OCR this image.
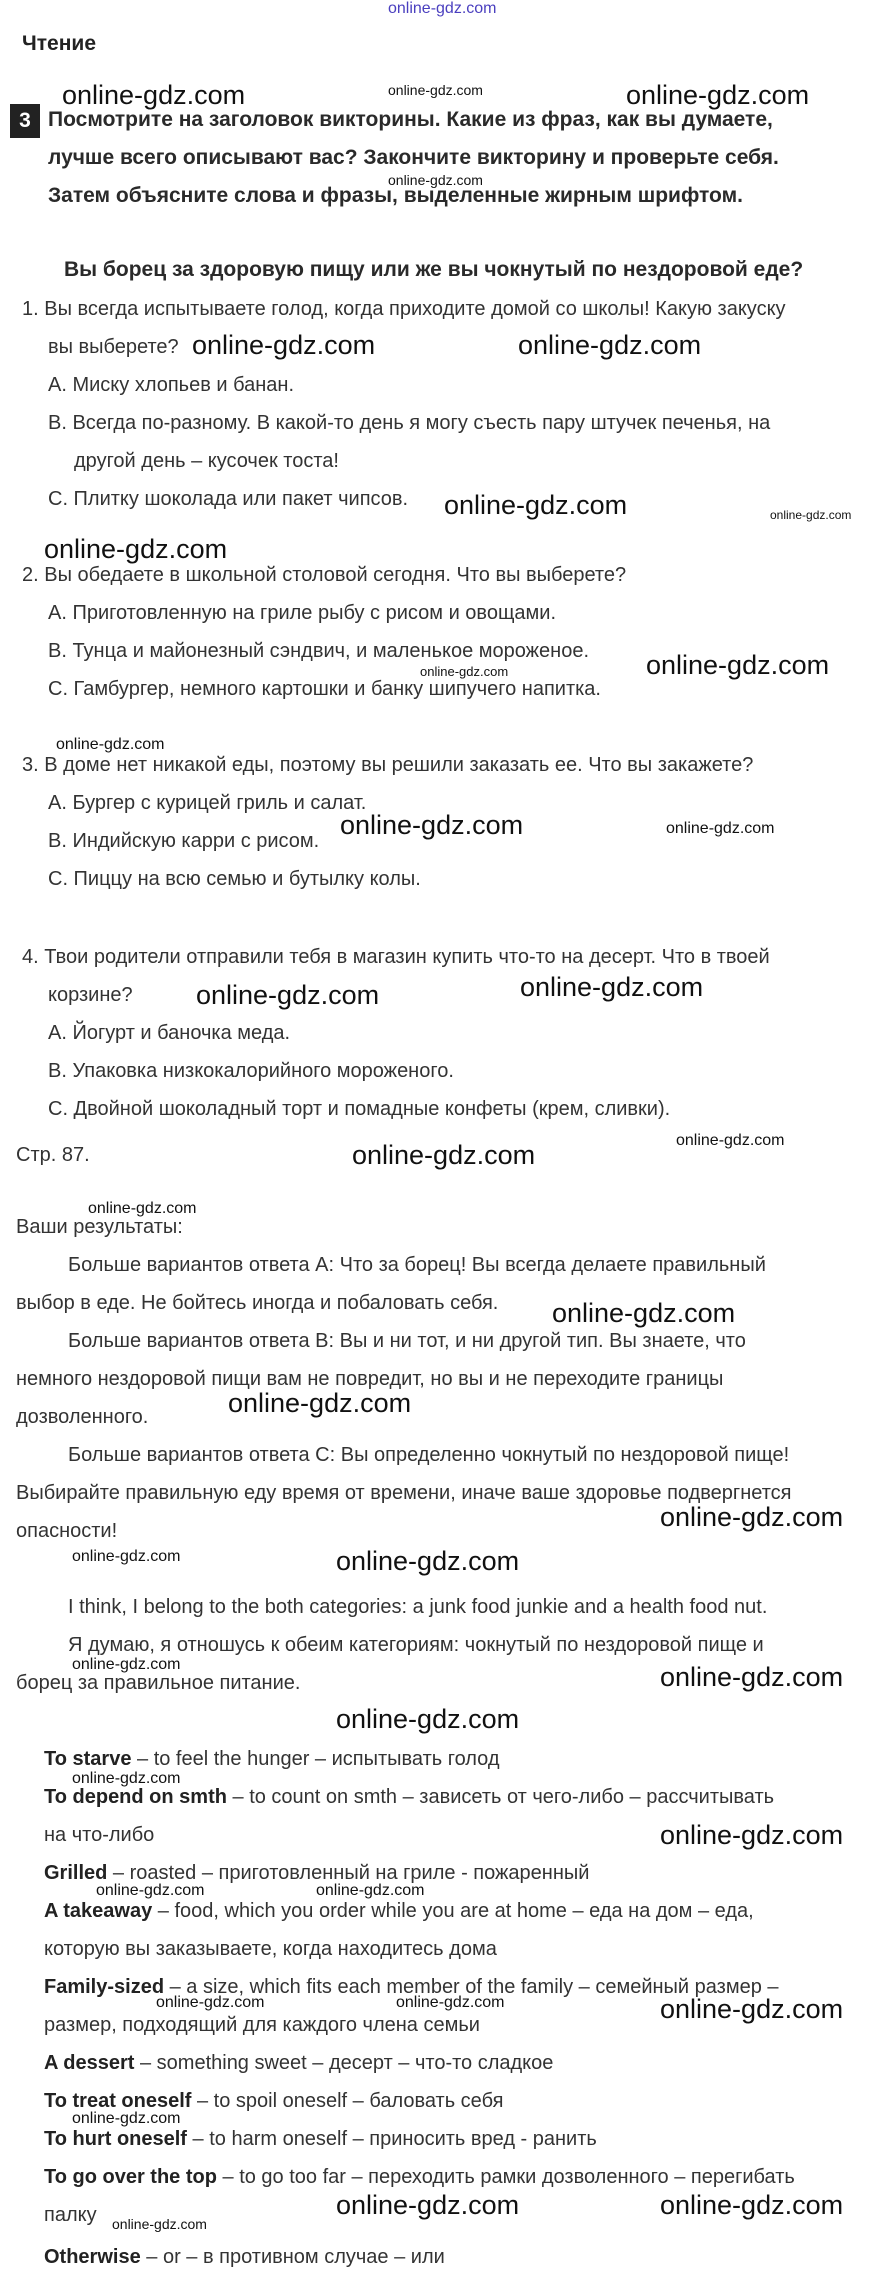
online-gdz.com
Чтение
online-gdz.com	online-gdz.com	online-gdz.com
3 Посмотрите на заголовок викторины. Какие из фраз, как вы думаете,
лучше всего описывают вас? Закончите викторину и проверьте себя.
online-gdz.com
Затем объясните слова и фразы, выделенные жирным шрифтом.
Вы борец за здоровую пищу или же вы чокнутый по нездоровой еде?
1. Вы всегда испытываете голод, когда приходите домой со школы! Какую закуску
вы выберете? online-gdz.com	online-gdz.com
A. Миску хлопьев и банан.
B. Всегда по-разному. В какой-то день я могу съесть пару штучек печенья, на
другой день – кусочек тоста!
C. Плитку шоколада или пакет чипсов. online-gdz.com	online-gdz.com
online-gdz.com
2. Вы обедаете в школьной столовой сегодня. Что вы выберете?
A. Приготовленную на гриле рыбу с рисом и овощами.
B. Тунца и майонезный сэндвич, и маленькое мороженое.
online-gdz.com	online-gdz.com
C. Гамбургер, немного картошки и банку шипучего напитка.
online-gdz.com
3. В доме нет никакой еды, поэтому вы решили заказать ее. Что вы закажете?
A. Бургер с курицей гриль и салат.
B. Индийскую карри с рисом.
online-gdz.com	online-gdz.com
C. Пиццу на всю семью и бутылку колы.
4. Твои родители отправили тебя в магазин купить что-то на десерт. Что в твоей
корзине? online-gdz.com	online-gdz.com
A. Йогурт и баночка меда.
B. Упаковка низкокалорийного мороженого.
C. Двойной шоколадный торт и помадные конфеты (крем, сливки).
Стр. 87.	online-gdz.com	online-gdz.com
online-gdz.com
Ваши результаты:
Больше вариантов ответа А: Что за борец! Вы всегда делаете правильный
выбор в еде. Не бойтесь иногда и побаловать себя. online-gdz.com
Больше вариантов ответа В: Вы и ни тот, и ни другой тип. Вы знаете, что
немного нездоровой пищи вам не повредит, но вы и не переходите границы
дозволенного.	online-gdz.com
Больше вариантов ответа С: Вы определенно чокнутый по нездоровой пище!
Выбирайте правильную еду время от времени, иначе ваше здоровье подвергнется
опасности!	online-gdz.com
online-gdz.com	online-gdz.com
I think, I belong to the both categories: a junk food junkie and a health food nut.
Я думаю, я отношусь к обеим категориям: чокнутый по нездоровой пище и
online-gdz.com
борец за правильное питание.	online-gdz.com
online-gdz.com
To starve – to feel the hunger – испытывать голод
online-gdz.com
To depend on smth – to count on smth – зависеть от чего-либо – рассчитывать
на что-либо	online-gdz.com
Grilled – roasted – приготовленный на гриле - пожаренный
online-gdz.com	online-gdz.com
A takeaway – food, which you order while you are at home – еда на дом – еда,
которую вы заказываете, когда находитесь дома
Family-sized – a size, which fits each member of the family – семейный размер –
online-gdz.com	online-gdz.com
размер, подходящий для каждого члена семьи
online-gdz.com
A dessert – something sweet – десерт – что-то сладкое
To treat oneself – to spoil oneself – баловать себя
online-gdz.com
To hurt oneself – to harm oneself – приносить вред - ранить
To go over the top – to go too far – переходить рамки дозволенного – перегибать
online-gdz.com	online-gdz.com
палку online-gdz.com
Otherwise – or – в противном случае – или
